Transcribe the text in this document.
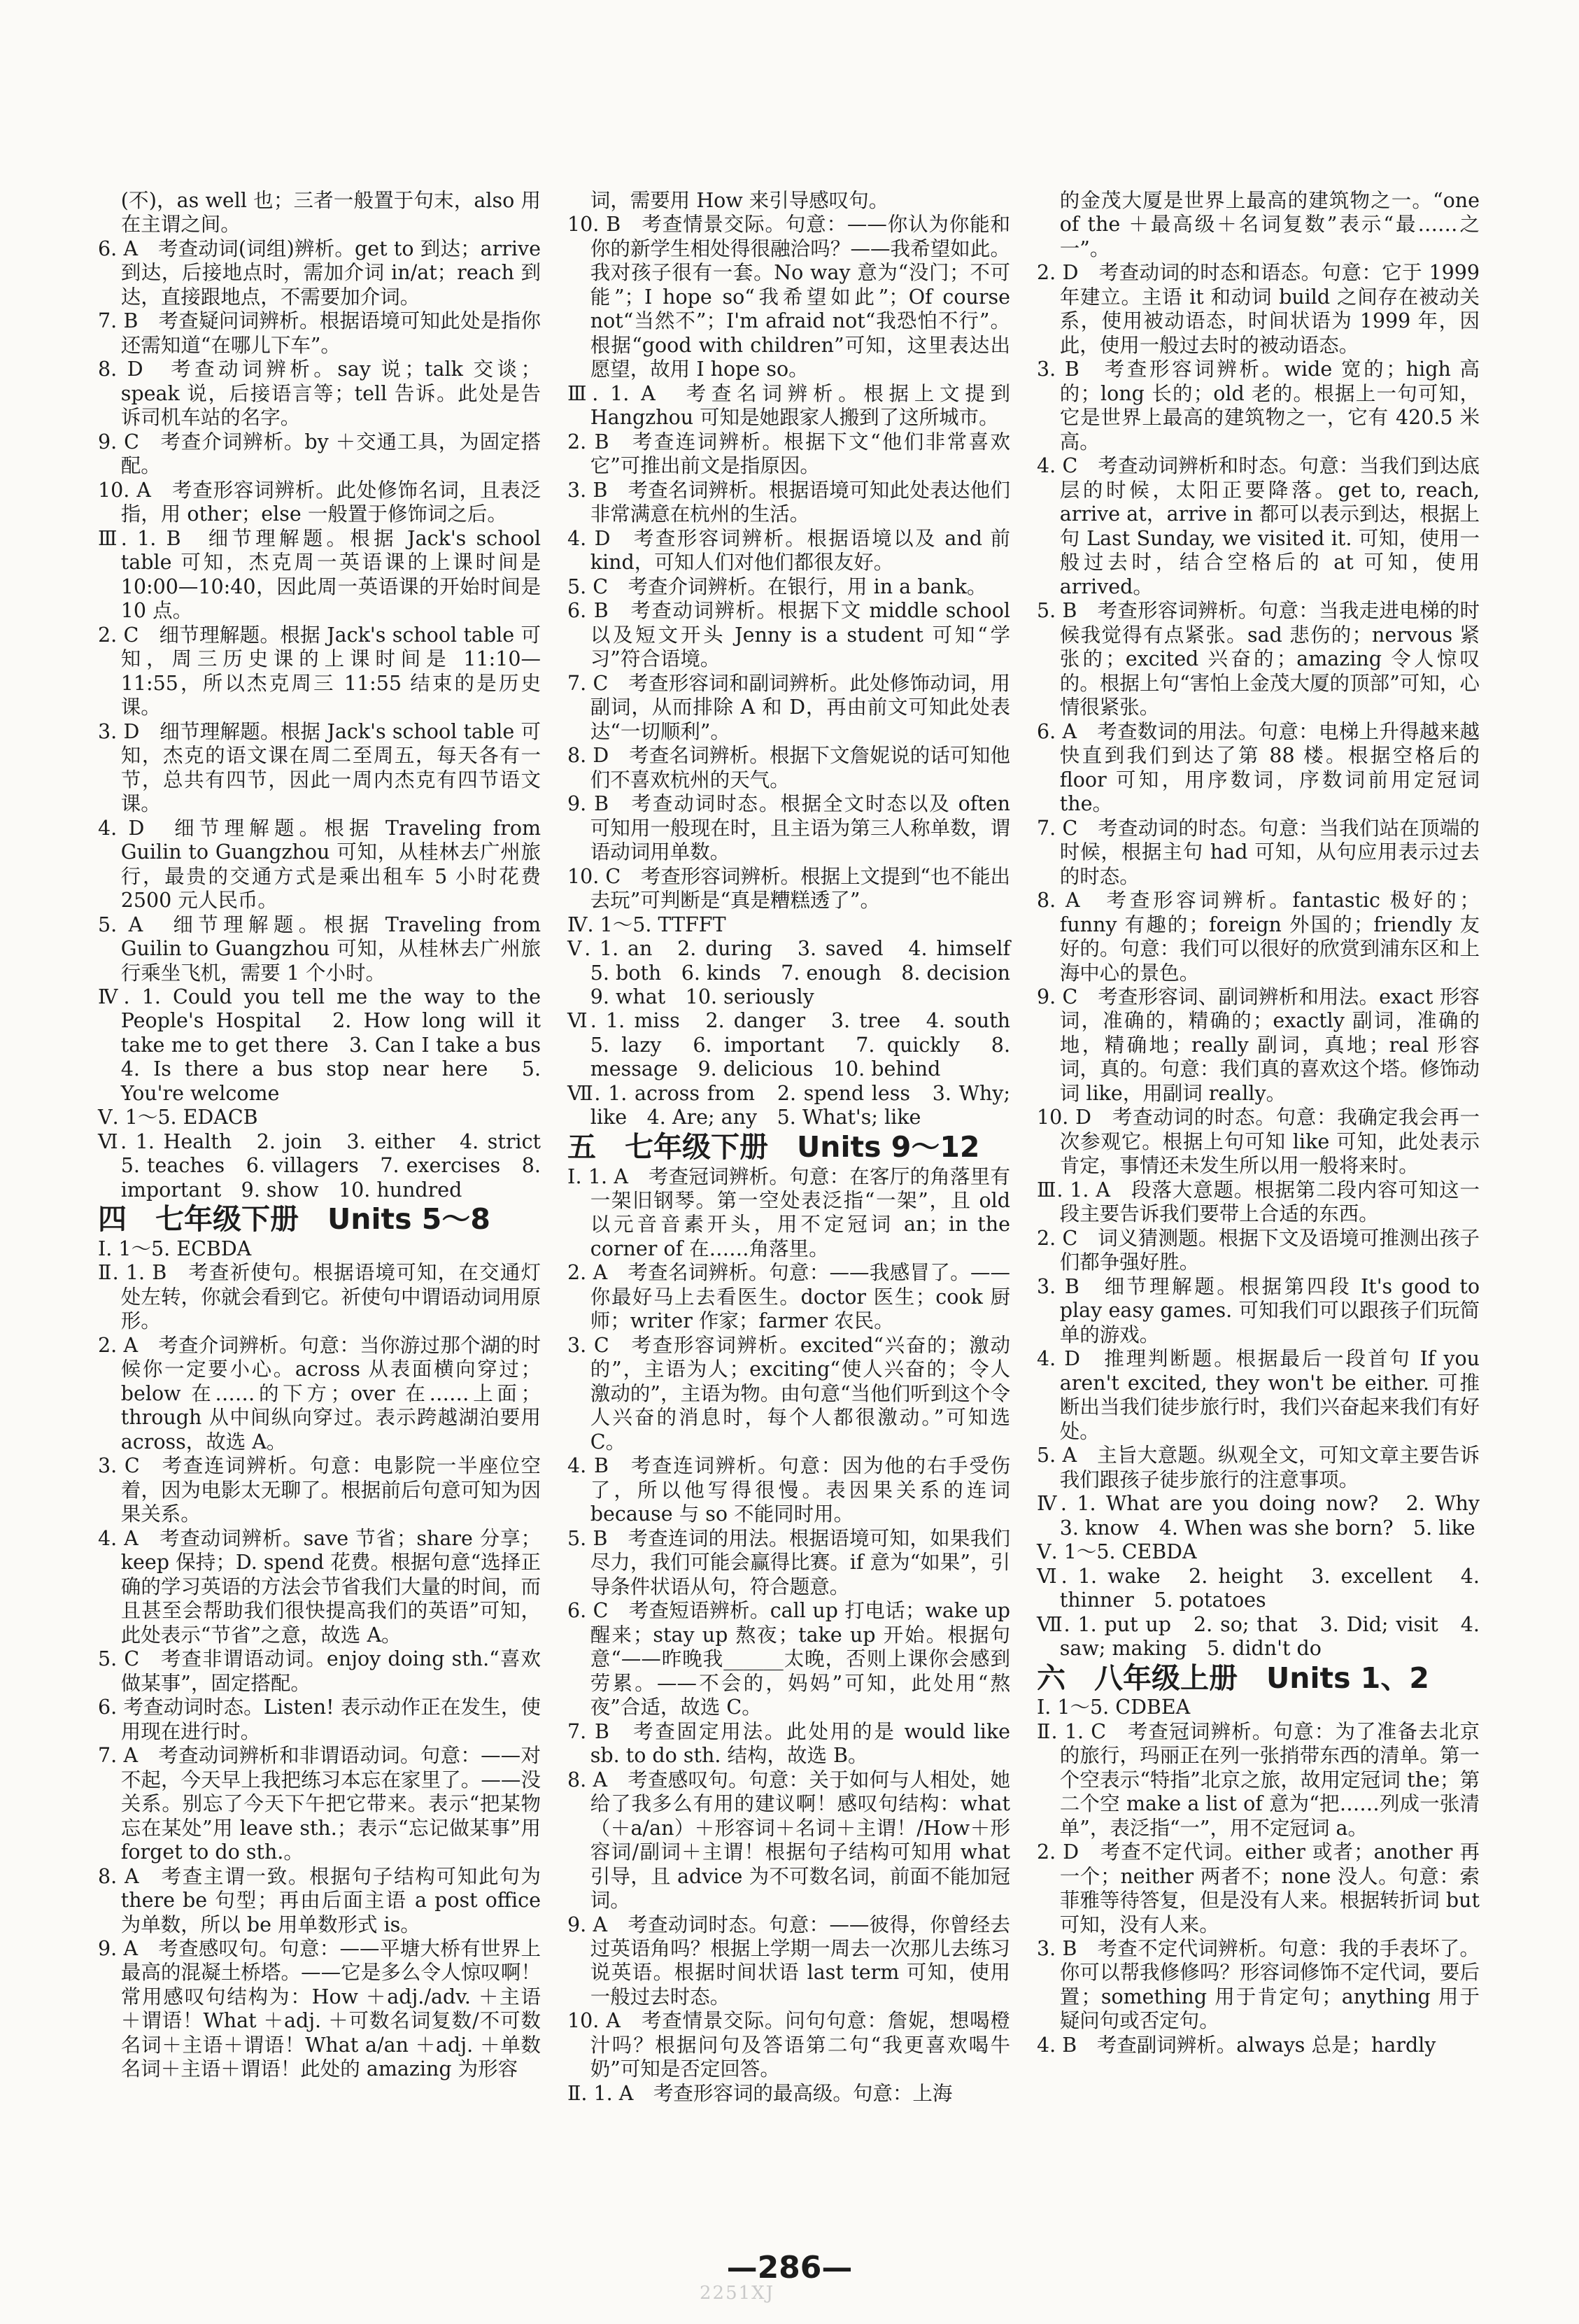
(不)，as well 也；三者一般置于句末，also 用在主谓之间。

6. A　考查动词(词组)辨析。get to 到达；arrive 到达，后接地点时，需加介词 in/at；reach 到达，直接跟地点，不需要加介词。

7. B　考查疑问词辨析。根据语境可知此处是指你还需知道“在哪儿下车”。

8. D　考查动词辨析。say 说；talk 交谈；speak 说，后接语言等；tell 告诉。此处是告诉司机车站的名字。

9. C　考查介词辨析。by ＋交通工具，为固定搭配。

10. A　考查形容词辨析。此处修饰名词，且表泛指，用 other；else 一般置于修饰词之后。

Ⅲ. 1. B　细节理解题。根据 Jack's school table 可知，杰克周一英语课的上课时间是 10:00—10:40，因此周一英语课的开始时间是 10 点。

2. C　细节理解题。根据 Jack's school table 可知，周三历史课的上课时间是 11:10—11:55，所以杰克周三 11:55 结束的是历史课。

3. D　细节理解题。根据 Jack's school table 可知，杰克的语文课在周二至周五，每天各有一节，总共有四节，因此一周内杰克有四节语文课。

4. D　细节理解题。根据 Traveling from Guilin to Guangzhou 可知，从桂林去广州旅行，最贵的交通方式是乘出租车 5 小时花费 2500 元人民币。

5. A　细节理解题。根据 Traveling from Guilin to Guangzhou 可知，从桂林去广州旅行乘坐飞机，需要 1 个小时。

Ⅳ. 1. Could you tell me the way to the People's Hospital　2. How long will it take me to get there　3. Can I take a bus　4. Is there a bus stop near here　5. You're welcome

Ⅴ. 1～5. EDACB

Ⅵ. 1. Health　2. join　3. either　4. strict　5. teaches　6. villagers　7. exercises　8. important　9. show　10. hundred

四　七年级下册　Units 5～8

Ⅰ. 1～5. ECBDA

Ⅱ. 1. B　考查祈使句。根据语境可知，在交通灯处左转，你就会看到它。祈使句中谓语动词用原形。

2. A　考查介词辨析。句意：当你游过那个湖的时候你一定要小心。across 从表面横向穿过；below 在……的下方；over 在……上面；through 从中间纵向穿过。表示跨越湖泊要用 across，故选 A。

3. C　考查连词辨析。句意：电影院一半座位空着，因为电影太无聊了。根据前后句意可知为因果关系。

4. A　考查动词辨析。save 节省；share 分享；keep 保持；D. spend 花费。根据句意“选择正确的学习英语的方法会节省我们大量的时间，而且甚至会帮助我们很快提高我们的英语”可知，此处表示“节省”之意，故选 A。

5. C　考查非谓语动词。enjoy doing sth.“喜欢做某事”，固定搭配。

6. 考查动词时态。Listen! 表示动作正在发生，使用现在进行时。

7. A　考查动词辨析和非谓语动词。句意：——对不起，今天早上我把练习本忘在家里了。——没关系。别忘了今天下午把它带来。表示“把某物忘在某处”用 leave sth.；表示“忘记做某事”用 forget to do sth.。

8. A　考查主谓一致。根据句子结构可知此句为 there be 句型；再由后面主语 a post office 为单数，所以 be 用单数形式 is。

9. A　考查感叹句。句意：——平塘大桥有世界上最高的混凝土桥塔。——它是多么令人惊叹啊！常用感叹句结构为：How ＋adj./adv. ＋主语＋谓语！What ＋adj. ＋可数名词复数/不可数名词＋主语＋谓语！What a/an ＋adj. ＋单数名词＋主语＋谓语！此处的 amazing 为形容

词，需要用 How 来引导感叹句。

10. B　考查情景交际。句意：——你认为你能和你的新学生相处得很融洽吗？——我希望如此。我对孩子很有一套。No way 意为“没门；不可能”；I hope so“我希望如此”；Of course not“当然不”；I'm afraid not“我恐怕不行”。根据“good with children”可知，这里表达出愿望，故用 I hope so。

Ⅲ. 1. A　考查名词辨析。根据上文提到 Hangzhou 可知是她跟家人搬到了这所城市。

2. B　考查连词辨析。根据下文“他们非常喜欢它”可推出前文是指原因。

3. B　考查名词辨析。根据语境可知此处表达他们非常满意在杭州的生活。

4. D　考查形容词辨析。根据语境以及 and 前 kind，可知人们对他们都很友好。

5. C　考查介词辨析。在银行，用 in a bank。

6. B　考查动词辨析。根据下文 middle school 以及短文开头 Jenny is a student 可知“学习”符合语境。

7. C　考查形容词和副词辨析。此处修饰动词，用副词，从而排除 A 和 D，再由前文可知此处表达“一切顺利”。

8. D　考查名词辨析。根据下文詹妮说的话可知他们不喜欢杭州的天气。

9. B　考查动词时态。根据全文时态以及 often 可知用一般现在时，且主语为第三人称单数，谓语动词用单数。

10. C　考查形容词辨析。根据上文提到“也不能出去玩”可判断是“真是糟糕透了”。

Ⅳ. 1～5. TTFFT

Ⅴ. 1. an　2. during　3. saved　4. himself　5. both　6. kinds　7. enough　8. decision　9. what　10. seriously

Ⅵ. 1. miss　2. danger　3. tree　4. south　5. lazy　6. important　7. quickly　8. message　9. delicious　10. behind

Ⅶ. 1. across from　2. spend less　3. Why; like　4. Are; any　5. What's; like

五　七年级下册　Units 9～12

Ⅰ. 1. A　考查冠词辨析。句意：在客厅的角落里有一架旧钢琴。第一空处表泛指“一架”，且 old 以元音音素开头，用不定冠词 an；in the corner of 在……角落里。

2. A　考查名词辨析。句意：——我感冒了。——你最好马上去看医生。doctor 医生；cook 厨师；writer 作家；farmer 农民。

3. C　考查形容词辨析。excited“兴奋的；激动的”，主语为人；exciting“使人兴奋的；令人激动的”，主语为物。由句意“当他们听到这个令人兴奋的消息时，每个人都很激动。”可知选 C。

4. B　考查连词辨析。句意：因为他的右手受伤了，所以他写得很慢。表因果关系的连词 because 与 so 不能同时用。

5. B　考查连词的用法。根据语境可知，如果我们尽力，我们可能会赢得比赛。if 意为“如果”，引导条件状语从句，符合题意。

6. C　考查短语辨析。call up 打电话；wake up 醒来；stay up 熬夜；take up 开始。根据句意“——昨晚我______太晚，否则上课你会感到劳累。——不会的，妈妈”可知，此处用“熬夜”合适，故选 C。

7. B　考查固定用法。此处用的是 would like sb. to do sth. 结构，故选 B。

8. A　考查感叹句。句意：关于如何与人相处，她给了我多么有用的建议啊！感叹句结构：what（＋a/an）＋形容词＋名词＋主谓！/How＋形容词/副词＋主谓！根据句子结构可知用 what 引导，且 advice 为不可数名词，前面不能加冠词。

9. A　考查动词时态。句意：——彼得，你曾经去过英语角吗？根据上学期一周去一次那儿去练习说英语。根据时间状语 last term 可知，使用一般过去时态。

10. A　考查情景交际。问句句意：詹妮，想喝橙汁吗？根据问句及答语第二句“我更喜欢喝牛奶”可知是否定回答。

Ⅱ. 1. A　考查形容词的最高级。句意：上海

的金茂大厦是世界上最高的建筑物之一。“one of the ＋最高级＋名词复数”表示“最……之一”。

2. D　考查动词的时态和语态。句意：它于 1999 年建立。主语 it 和动词 build 之间存在被动关系，使用被动语态，时间状语为 1999 年，因此，使用一般过去时的被动语态。

3. B　考查形容词辨析。wide 宽的；high 高的；long 长的；old 老的。根据上一句可知，它是世界上最高的建筑物之一，它有 420.5 米高。

4. C　考查动词辨析和时态。句意：当我们到达底层的时候，太阳正要降落。get to, reach, arrive at，arrive in 都可以表示到达，根据上句 Last Sunday, we visited it. 可知，使用一般过去时，结合空格后的 at 可知，使用 arrived。

5. B　考查形容词辨析。句意：当我走进电梯的时候我觉得有点紧张。sad 悲伤的；nervous 紧张的；excited 兴奋的；amazing 令人惊叹的。根据上句“害怕上金茂大厦的顶部”可知，心情很紧张。

6. A　考查数词的用法。句意：电梯上升得越来越快直到我们到达了第 88 楼。根据空格后的 floor 可知，用序数词，序数词前用定冠词 the。

7. C　考查动词的时态。句意：当我们站在顶端的时候，根据主句 had 可知，从句应用表示过去的时态。

8. A　考查形容词辨析。fantastic 极好的；funny 有趣的；foreign 外国的；friendly 友好的。句意：我们可以很好的欣赏到浦东区和上海中心的景色。

9. C　考查形容词、副词辨析和用法。exact 形容词，准确的，精确的；exactly 副词，准确的地，精确地；really 副词，真地；real 形容词，真的。句意：我们真的喜欢这个塔。修饰动词 like，用副词 really。

10. D　考查动词的时态。句意：我确定我会再一次参观它。根据上句可知 like 可知，此处表示肯定，事情还未发生所以用一般将来时。

Ⅲ. 1. A　段落大意题。根据第二段内容可知这一段主要告诉我们要带上合适的东西。

2. C　词义猜测题。根据下文及语境可推测出孩子们都争强好胜。

3. B　细节理解题。根据第四段 It's good to play easy games. 可知我们可以跟孩子们玩简单的游戏。

4. D　推理判断题。根据最后一段首句 If you aren't excited, they won't be either. 可推断出当我们徒步旅行时，我们兴奋起来我们有好处。

5. A　主旨大意题。纵观全文，可知文章主要告诉我们跟孩子徒步旅行的注意事项。

Ⅳ. 1. What are you doing now?　2. Why　3. know　4. When was she born?　5. like

Ⅴ. 1～5. CEBDA

Ⅵ. 1. wake　2. height　3. excellent　4. thinner　5. potatoes

Ⅶ. 1. put up　2. so; that　3. Did; visit　4. saw; making　5. didn't do

六　八年级上册　Units 1、2

Ⅰ. 1～5. CDBEA

Ⅱ. 1. C　考查冠词辨析。句意：为了准备去北京的旅行，玛丽正在列一张捎带东西的清单。第一个空表示“特指”北京之旅，故用定冠词 the；第二个空 make a list of 意为“把……列成一张清单”，表泛指“一”，用不定冠词 a。

2. D　考查不定代词。either 或者；another 再一个；neither 两者不；none 没人。句意：索菲雅等待答复，但是没有人来。根据转折词 but 可知，没有人来。

3. B　考查不定代词辨析。句意：我的手表坏了。你可以帮我修修吗？形容词修饰不定代词，要后置；something 用于肯定句；anything 用于疑问句或否定句。

4. B　考查副词辨析。always 总是；hardly

—286—
2251XJ
